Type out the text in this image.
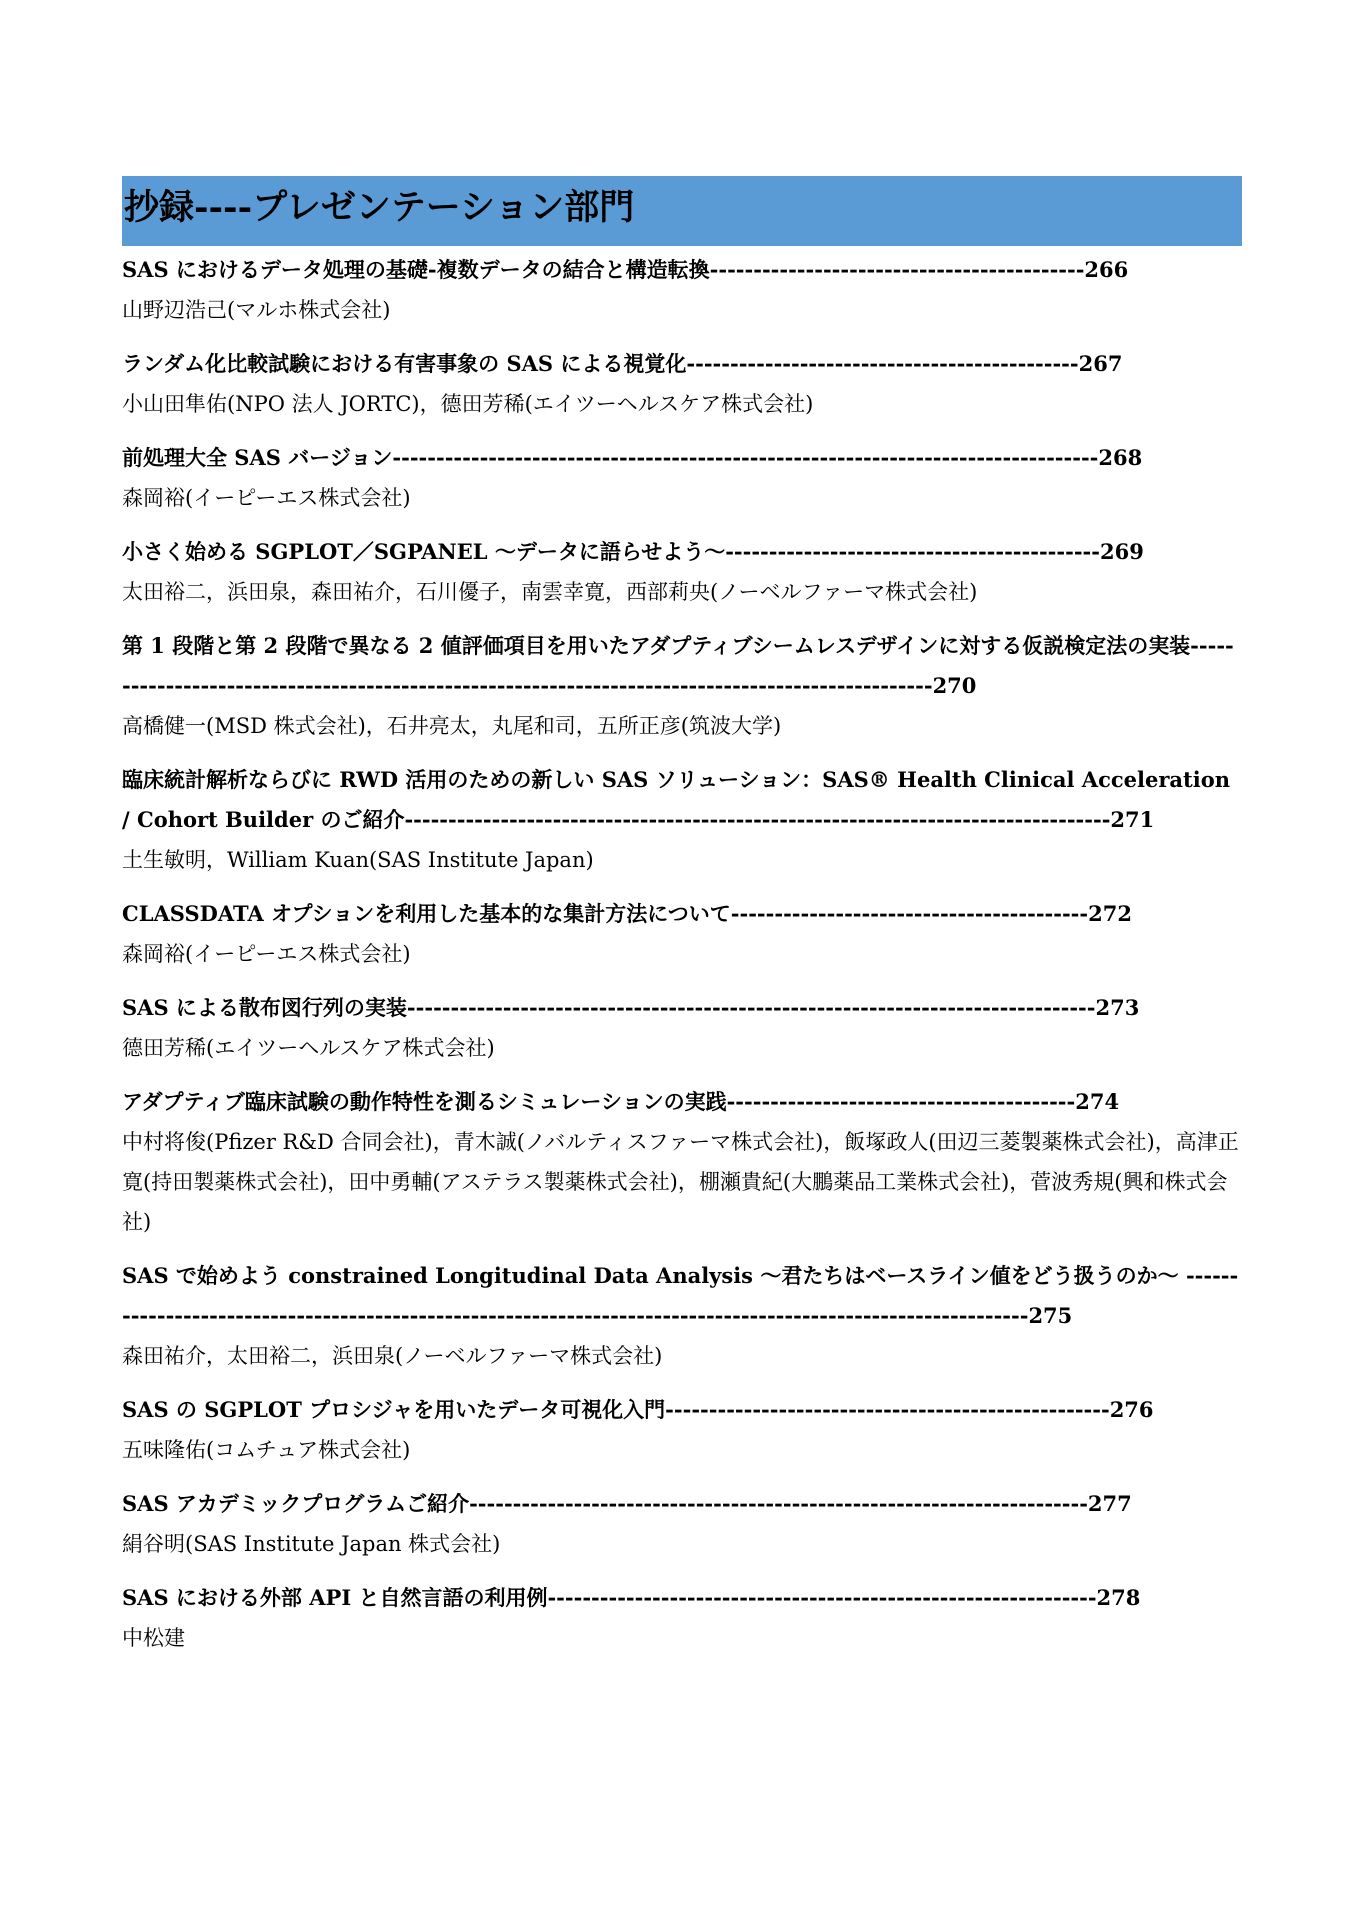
抄録----プレゼンテーション部門

SAS におけるデータ処理の基礎-複数データの結合と構造転換-------------------------------------------266

山野辺浩己(マルホ株式会社)

ランダム化比較試験における有害事象の SAS による視覚化---------------------------------------------267

小山田隼佑(NPO 法人 JORTC)，德田芳稀(エイツーヘルスケア株式会社)

前処理大全 SAS バージョン---------------------------------------------------------------------------------268

森岡裕(イーピーエス株式会社)

小さく始める SGPLOT／SGPANEL ～データに語らせよう～-------------------------------------------269

太田裕二，浜田泉，森田祐介，石川優子，南雲幸寛，西部莉央(ノーベルファーマ株式会社)

第 1 段階と第 2 段階で異なる 2 値評価項目を用いたアダプティブシームレスデザインに対する仮説検定法の実装--------------------------------------------------------------------------------------------------270

高橋健一(MSD 株式会社)，石井亮太，丸尾和司，五所正彦(筑波大学)

臨床統計解析ならびに RWD 活用のための新しい SAS ソリューション：SAS® Health Clinical Acceleration / Cohort Builder のご紹介---------------------------------------------------------------------------------271

土生敏明，William Kuan(SAS Institute Japan)

CLASSDATA オプションを利用した基本的な集計方法について-----------------------------------------272

森岡裕(イーピーエス株式会社)

SAS による散布図行列の実装-------------------------------------------------------------------------------273

德田芳稀(エイツーヘルスケア株式会社)

アダプティブ臨床試験の動作特性を測るシミュレーションの実践----------------------------------------274

中村将俊(Pfizer R&D 合同会社)，青木誠(ノバルティスファーマ株式会社)，飯塚政人(田辺三菱製薬株式会社)，高津正寛(持田製薬株式会社)，田中勇輔(アステラス製薬株式会社)，棚瀬貴紀(大鵬薬品工業株式会社)，菅波秀規(興和株式会社)

SAS で始めよう constrained Longitudinal Data Analysis ～君たちはベースライン値をどう扱うのか～ --------------------------------------------------------------------------------------------------------------275

森田祐介，太田裕二，浜田泉(ノーベルファーマ株式会社)

SAS の SGPLOT プロシジャを用いたデータ可視化入門---------------------------------------------------276

五味隆佑(コムチュア株式会社)

SAS アカデミックプログラムご紹介-----------------------------------------------------------------------277

絹谷明(SAS Institute Japan 株式会社)

SAS における外部 API と自然言語の利用例---------------------------------------------------------------278

中松建
